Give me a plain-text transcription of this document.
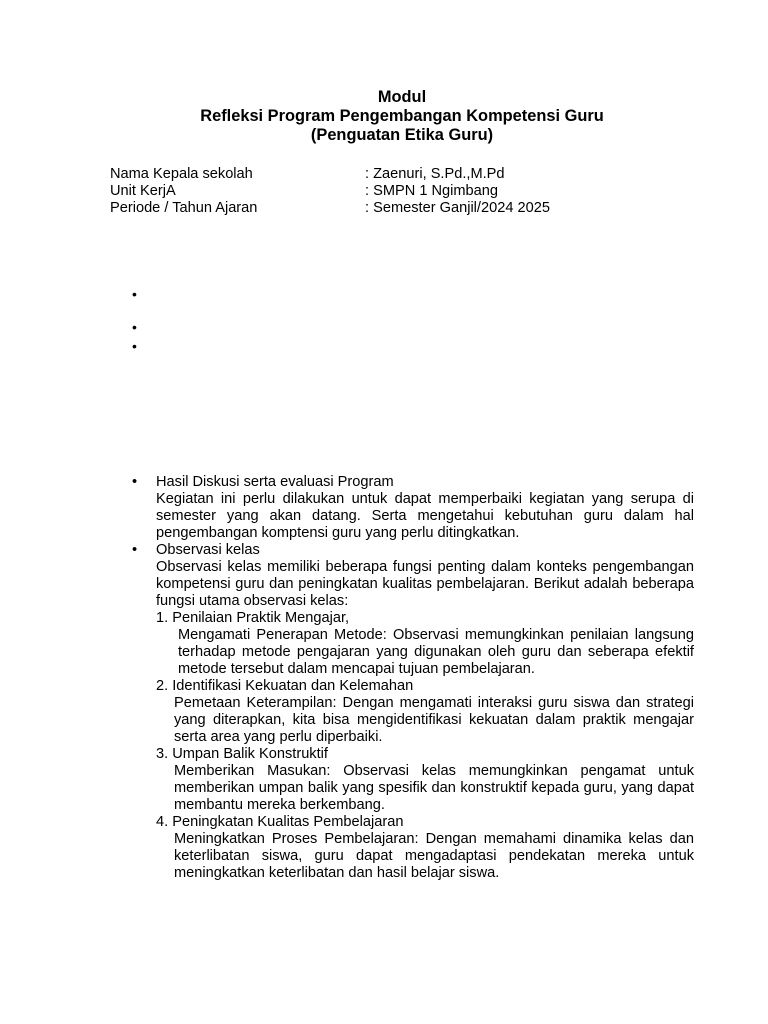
Modul
Refleksi Program Pengembangan Kompetensi Guru
(Penguatan Etika Guru)
Nama Kepala sekolah	: Zaenuri, S.Pd.,M.Pd
Unit KerjA	: SMPN 1 Ngimbang
Periode / Tahun Ajaran	: Semester Ganjil/2024 2025
•
•
•
• Hasil Diskusi serta evaluasi Program
Kegiatan ini perlu dilakukan untuk dapat memperbaiki kegiatan yang serupa di semester yang akan datang. Serta mengetahui kebutuhan guru dalam hal pengembangan komptensi guru yang perlu ditingkatkan.
• Observasi kelas
Observasi kelas memiliki beberapa fungsi penting dalam konteks pengembangan kompetensi guru dan peningkatan kualitas pembelajaran. Berikut adalah beberapa fungsi utama observasi kelas:
1. Penilaian Praktik Mengajar,
Mengamati Penerapan Metode: Observasi memungkinkan penilaian langsung terhadap metode pengajaran yang digunakan oleh guru dan seberapa efektif metode tersebut dalam mencapai tujuan pembelajaran.
2. Identifikasi Kekuatan dan Kelemahan
Pemetaan Keterampilan: Dengan mengamati interaksi guru siswa dan strategi yang diterapkan, kita bisa mengidentifikasi kekuatan dalam praktik mengajar serta area yang perlu diperbaiki.
3. Umpan Balik Konstruktif
Memberikan Masukan: Observasi kelas memungkinkan pengamat untuk memberikan umpan balik yang spesifik dan konstruktif kepada guru, yang dapat membantu mereka berkembang.
4. Peningkatan Kualitas Pembelajaran
Meningkatkan Proses Pembelajaran: Dengan memahami dinamika kelas dan keterlibatan siswa, guru dapat mengadaptasi pendekatan mereka untuk meningkatkan keterlibatan dan hasil belajar siswa.
